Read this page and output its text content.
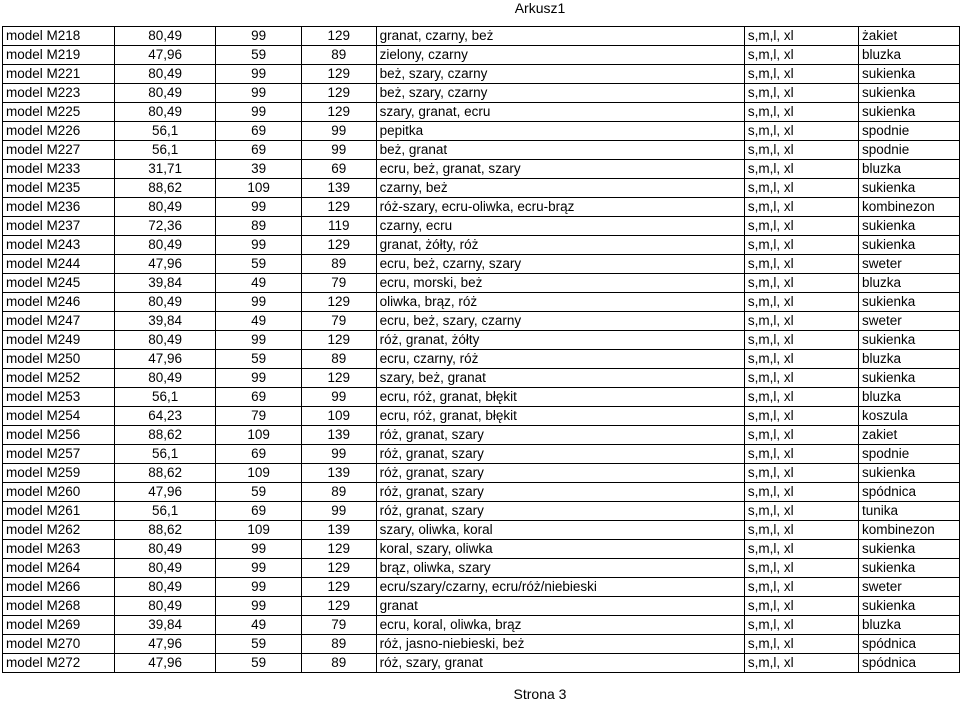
Arkusz1
model M218	80,49	99	129	granat, czarny, beż	s,m,l, xl	żakiet
model M219	47,96	59	89	zielony, czarny	s,m,l, xl	bluzka
model M221	80,49	99	129	beż, szary, czarny	s,m,l, xl	sukienka
model M223	80,49	99	129	beż, szary, czarny	s,m,l, xl	sukienka
model M225	80,49	99	129	szary, granat, ecru	s,m,l, xl	sukienka
model M226	56,1	69	99	pepitka	s,m,l, xl	spodnie
model M227	56,1	69	99	beż, granat	s,m,l, xl	spodnie
model M233	31,71	39	69	ecru, beż, granat, szary	s,m,l, xl	bluzka
model M235	88,62	109	139	czarny, beż	s,m,l, xl	sukienka
model M236	80,49	99	129	róż-szary, ecru-oliwka, ecru-brąz	s,m,l, xl	kombinezon
model M237	72,36	89	119	czarny, ecru	s,m,l, xl	sukienka
model M243	80,49	99	129	granat, żółty, róż	s,m,l, xl	sukienka
model M244	47,96	59	89	ecru, beż, czarny, szary	s,m,l, xl	sweter
model M245	39,84	49	79	ecru, morski, beż	s,m,l, xl	bluzka
model M246	80,49	99	129	oliwka, brąz, róż	s,m,l, xl	sukienka
model M247	39,84	49	79	ecru, beż, szary, czarny	s,m,l, xl	sweter
model M249	80,49	99	129	róż, granat, żółty	s,m,l, xl	sukienka
model M250	47,96	59	89	ecru, czarny, róż	s,m,l, xl	bluzka
model M252	80,49	99	129	szary, beż, granat	s,m,l, xl	sukienka
model M253	56,1	69	99	ecru, róż, granat, błękit	s,m,l, xl	bluzka
model M254	64,23	79	109	ecru, róż, granat, błękit	s,m,l, xl	koszula
model M256	88,62	109	139	róż, granat, szary	s,m,l, xl	zakiet
model M257	56,1	69	99	róż, granat, szary	s,m,l, xl	spodnie
model M259	88,62	109	139	róż, granat, szary	s,m,l, xl	sukienka
model M260	47,96	59	89	róż, granat, szary	s,m,l, xl	spódnica
model M261	56,1	69	99	róż, granat, szary	s,m,l, xl	tunika
model M262	88,62	109	139	szary, oliwka, koral	s,m,l, xl	kombinezon
model M263	80,49	99	129	koral, szary, oliwka	s,m,l, xl	sukienka
model M264	80,49	99	129	brąz, oliwka, szary	s,m,l, xl	sukienka
model M266	80,49	99	129	ecru/szary/czarny, ecru/róż/niebieski	s,m,l, xl	sweter
model M268	80,49	99	129	granat	s,m,l, xl	sukienka
model M269	39,84	49	79	ecru, koral, oliwka, brąz	s,m,l, xl	bluzka
model M270	47,96	59	89	róż, jasno-niebieski, beż	s,m,l, xl	spódnica
model M272	47,96	59	89	róż, szary, granat	s,m,l, xl	spódnica
Strona 3
